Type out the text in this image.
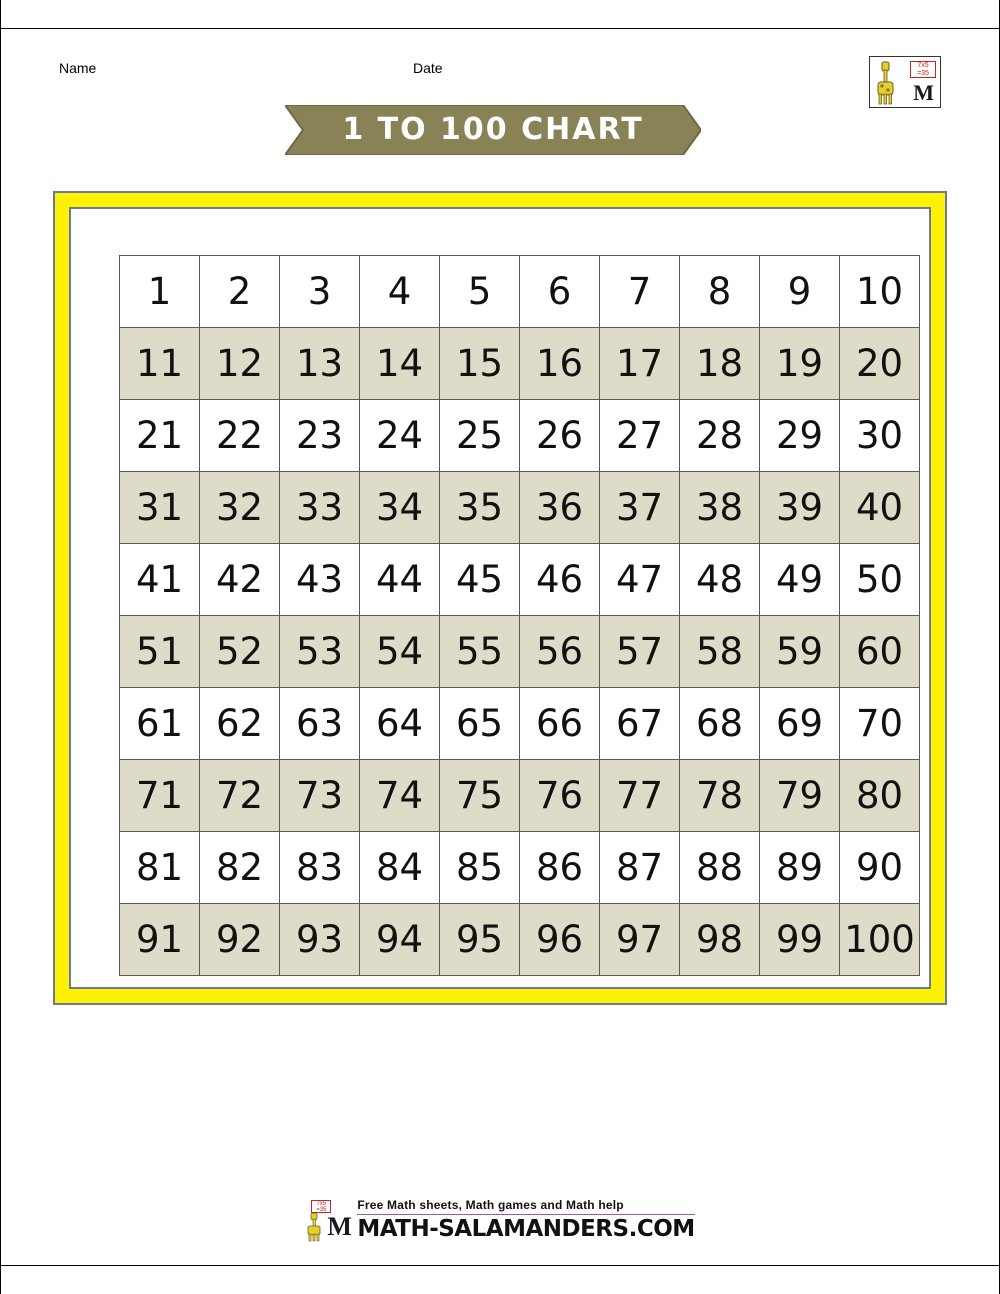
Name	Date	7x5
=35
M
1 TO 100 CHART
1	2	3	4	5	6	7	8	9	10
11	12	13	14	15	16	17	18	19	20
21	22	23	24	25	26	27	28	29	30
31	32	33	34	35	36	37	38	39	40
41	42	43	44	45	46	47	48	49	50
51	52	53	54	55	56	57	58	59	60
61	62	63	64	65	66	67	68	69	70
71	72	73	74	75	76	77	78	79	80
81	82	83	84	85	86	87	88	89	90
91	92	93	94	95	96	97	98	99	100
7x5
=35
M
Free Math sheets, Math games and Math help
MATH-SALAMANDERS.COM
